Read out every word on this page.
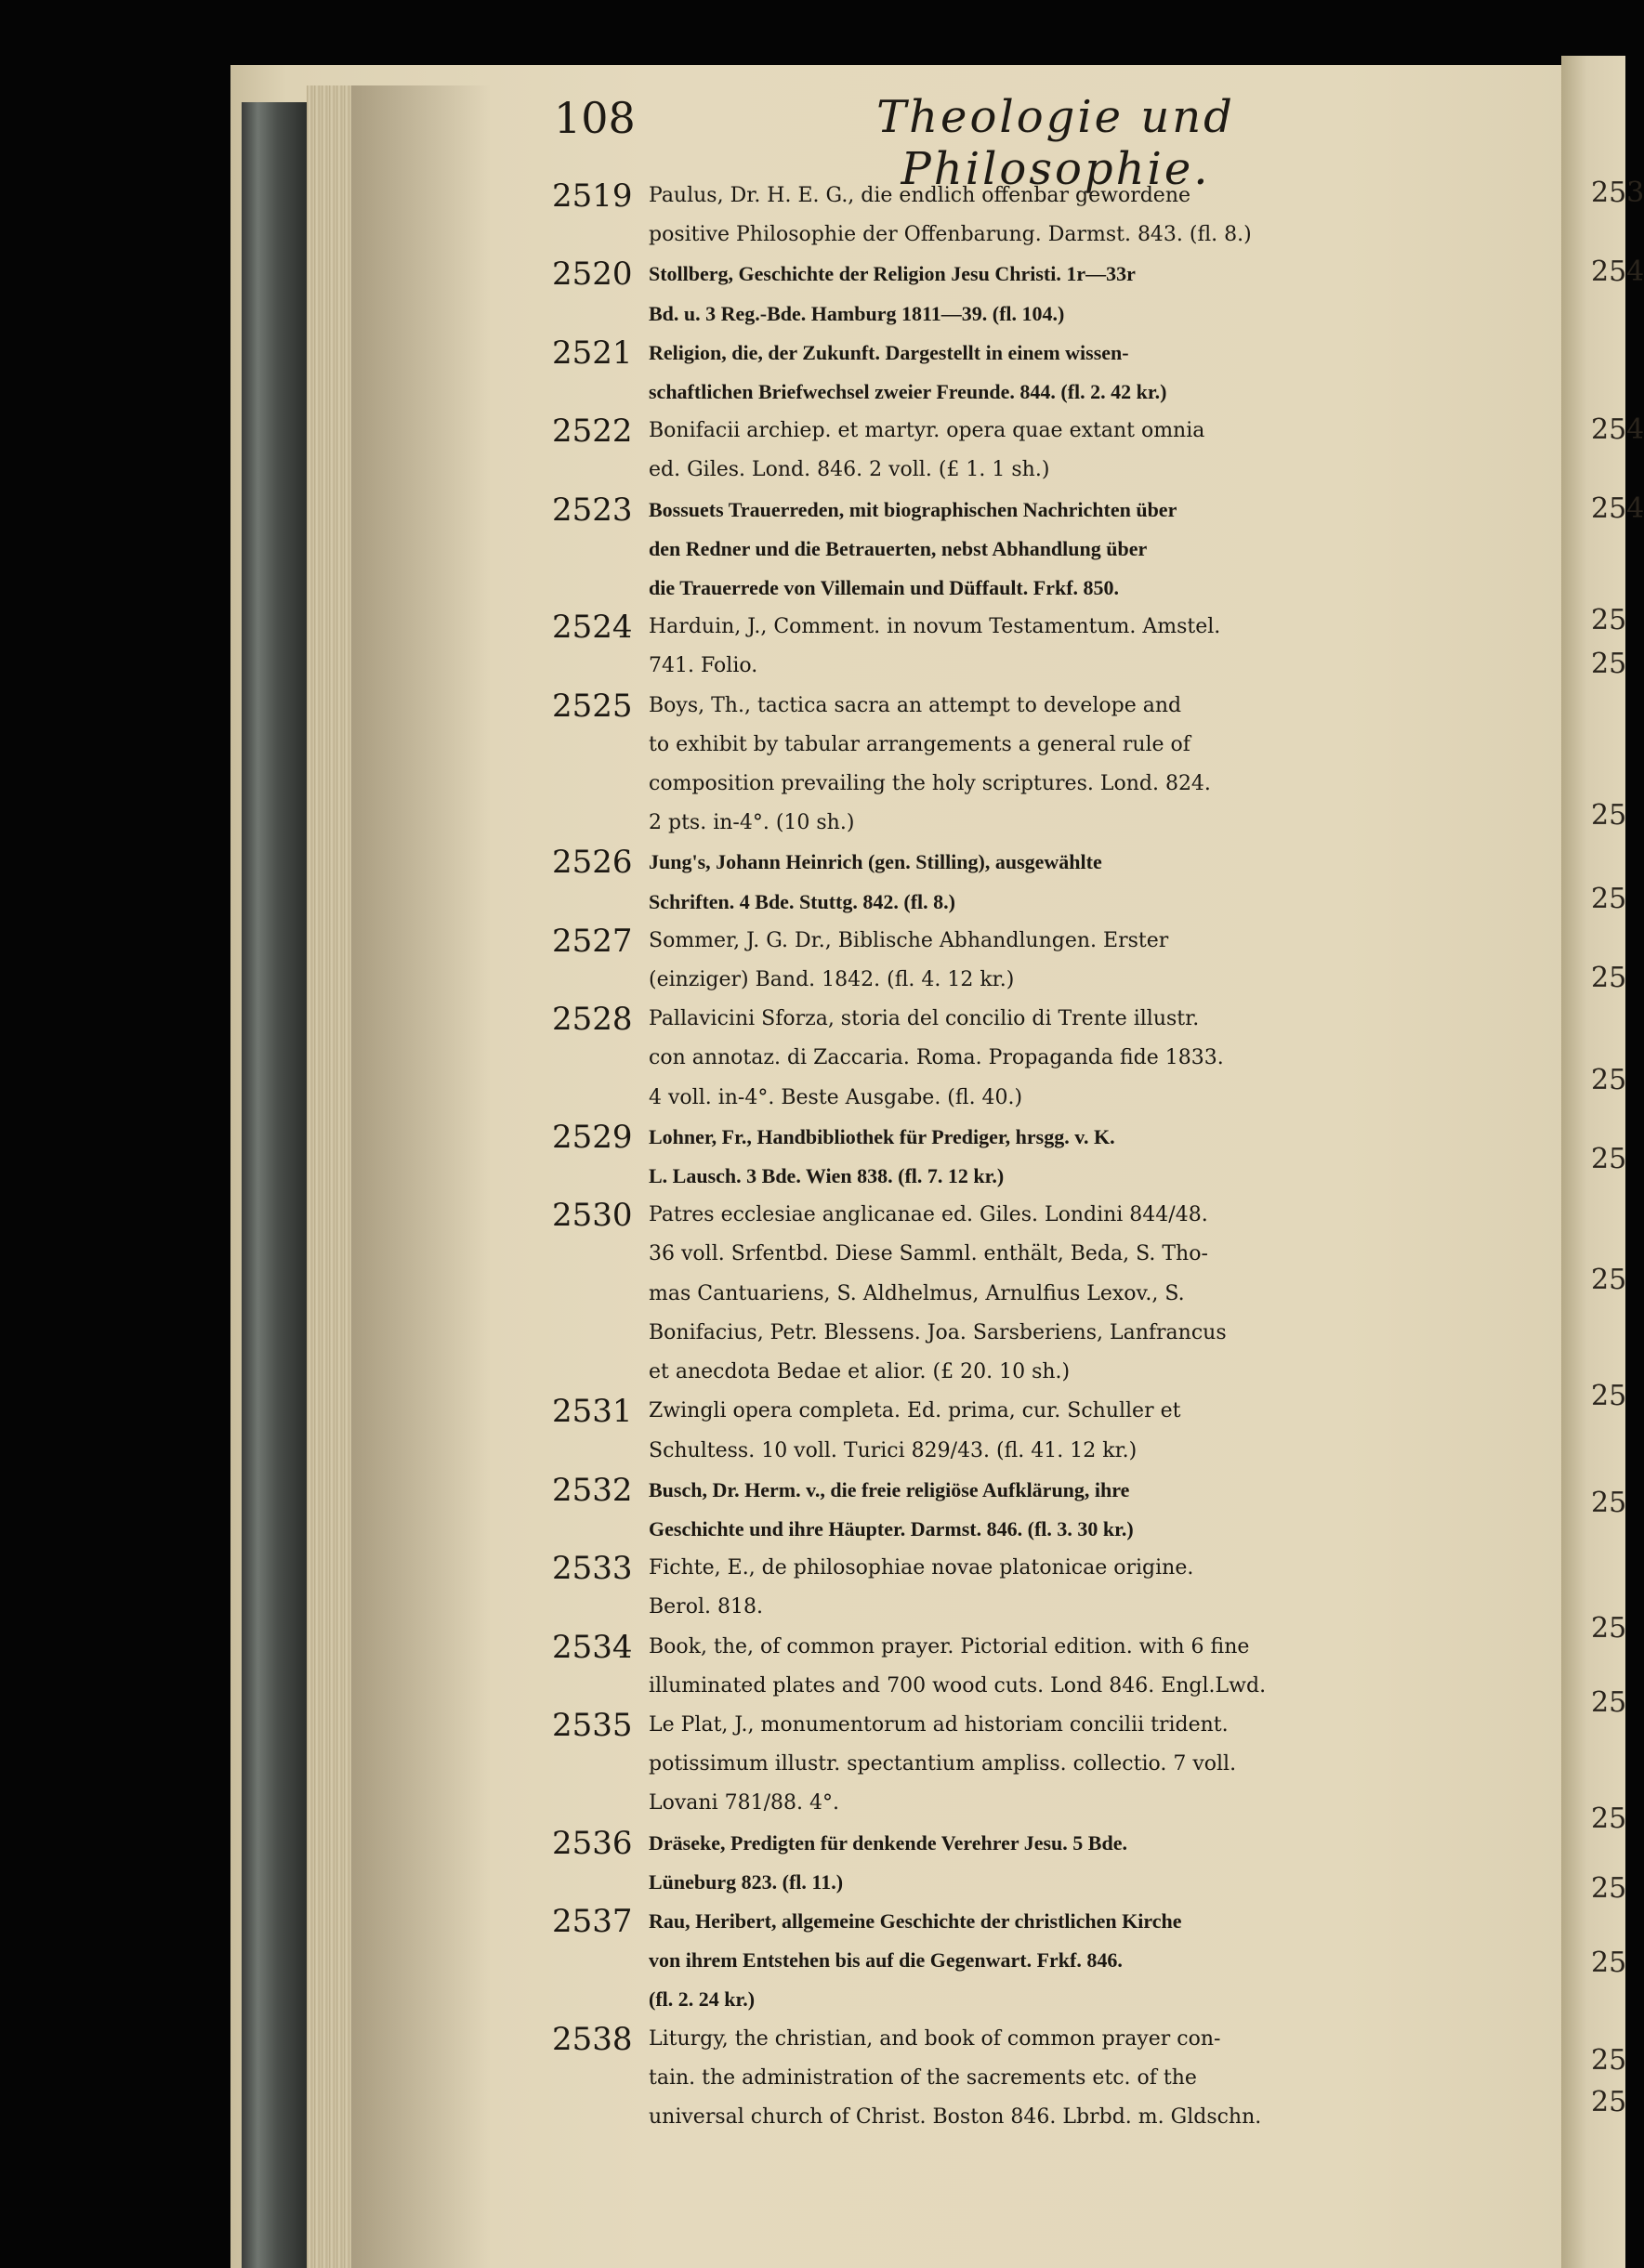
253
254
254
254
25
25
25
25
25
25
25
25
25
25
25
25
25
25
25
25
25
108	Theologie und Philosophie.
2519 Paulus, Dr. H. E. G., die endlich offenbar gewordene
positive Philosophie der Offenbarung. Darmst. 843. (fl. 8.)
2520 Stollberg, Geschichte der Religion Jesu Christi. 1r—33r
Bd. u. 3 Reg.-Bde. Hamburg 1811—39. (fl. 104.)
2521 Religion, die, der Zukunft. Dargestellt in einem wissen-
schaftlichen Briefwechsel zweier Freunde. 844. (fl. 2. 42 kr.)
2522 Bonifacii archiep. et martyr. opera quae extant omnia
ed. Giles. Lond. 846. 2 voll. (£ 1. 1 sh.)
2523 Bossuets Trauerreden, mit biographischen Nachrichten über
den Redner und die Betrauerten, nebst Abhandlung über
die Trauerrede von Villemain und Düffault. Frkf. 850.
2524 Harduin, J., Comment. in novum Testamentum. Amstel.
741. Folio.
2525 Boys, Th., tactica sacra an attempt to develope and
to exhibit by tabular arrangements a general rule of
composition prevailing the holy scriptures. Lond. 824.
2 pts. in-4°. (10 sh.)
2526 Jung's, Johann Heinrich (gen. Stilling), ausgewählte
Schriften. 4 Bde. Stuttg. 842. (fl. 8.)
2527 Sommer, J. G. Dr., Biblische Abhandlungen. Erster
(einziger) Band. 1842. (fl. 4. 12 kr.)
2528 Pallavicini Sforza, storia del concilio di Trente illustr.
con annotaz. di Zaccaria. Roma. Propaganda fide 1833.
4 voll. in-4°. Beste Ausgabe. (fl. 40.)
2529 Lohner, Fr., Handbibliothek für Prediger, hrsgg. v. K.
L. Lausch. 3 Bde. Wien 838. (fl. 7. 12 kr.)
2530 Patres ecclesiae anglicanae ed. Giles. Londini 844/48.
36 voll. Srfentbd. Diese Samml. enthält, Beda, S. Tho-
mas Cantuariens, S. Aldhelmus, Arnulfius Lexov., S.
Bonifacius, Petr. Blessens. Joa. Sarsberiens, Lanfrancus
et anecdota Bedae et alior. (£ 20. 10 sh.)
2531 Zwingli opera completa. Ed. prima, cur. Schuller et
Schultess. 10 voll. Turici 829/43. (fl. 41. 12 kr.)
2532 Busch, Dr. Herm. v., die freie religiöse Aufklärung, ihre
Geschichte und ihre Häupter. Darmst. 846. (fl. 3. 30 kr.)
2533 Fichte, E., de philosophiae novae platonicae origine.
Berol. 818.
2534 Book, the, of common prayer. Pictorial edition. with 6 fine
illuminated plates and 700 wood cuts. Lond 846. Engl.Lwd.
2535 Le Plat, J., monumentorum ad historiam concilii trident.
potissimum illustr. spectantium ampliss. collectio. 7 voll.
Lovani 781/88. 4°.
2536 Dräseke, Predigten für denkende Verehrer Jesu. 5 Bde.
Lüneburg 823. (fl. 11.)
2537 Rau, Heribert, allgemeine Geschichte der christlichen Kirche
von ihrem Entstehen bis auf die Gegenwart. Frkf. 846.
(fl. 2. 24 kr.)
2538 Liturgy, the christian, and book of common prayer con-
tain. the administration of the sacrements etc. of the
universal church of Christ. Boston 846. Lbrbd. m. Gldschn.
